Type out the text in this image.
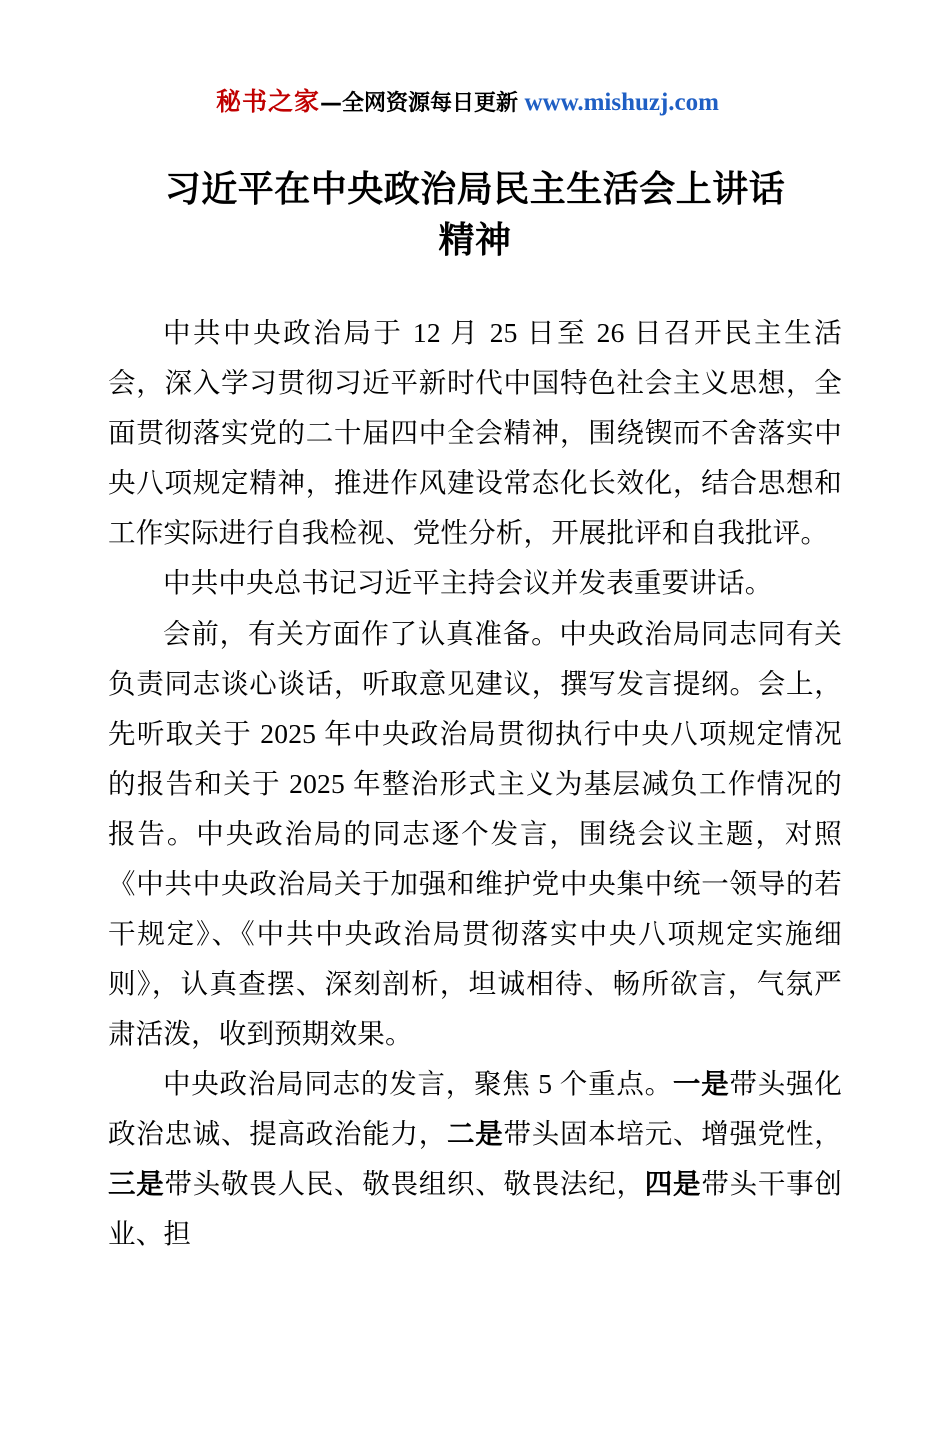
秘书之家—全网资源每日更新 www.mishuzj.com
习近平在中央政治局民主生活会上讲话精神

中共中央政治局于 12 月 25 日至 26 日召开民主生活会，深入学习贯彻习近平新时代中国特色社会主义思想，全面贯彻落实党的二十届四中全会精神，围绕锲而不舍落实中央八项规定精神，推进作风建设常态化长效化，结合思想和工作实际进行自我检视、党性分析，开展批评和自我批评。

中共中央总书记习近平主持会议并发表重要讲话。

会前，有关方面作了认真准备。中央政治局同志同有关负责同志谈心谈话，听取意见建议，撰写发言提纲。会上，先听取关于 2025 年中央政治局贯彻执行中央八项规定情况的报告和关于 2025 年整治形式主义为基层减负工作情况的报告。中央政治局的同志逐个发言，围绕会议主题，对照《中共中央政治局关于加强和维护党中央集中统一领导的若干规定》、《中共中央政治局贯彻落实中央八项规定实施细则》，认真查摆、深刻剖析，坦诚相待、畅所欲言，气氛严肃活泼，收到预期效果。

中央政治局同志的发言，聚焦 5 个重点。一是带头强化政治忠诚、提高政治能力，二是带头固本培元、增强党性，三是带头敬畏人民、敬畏组织、敬畏法纪，四是带头干事创业、担
